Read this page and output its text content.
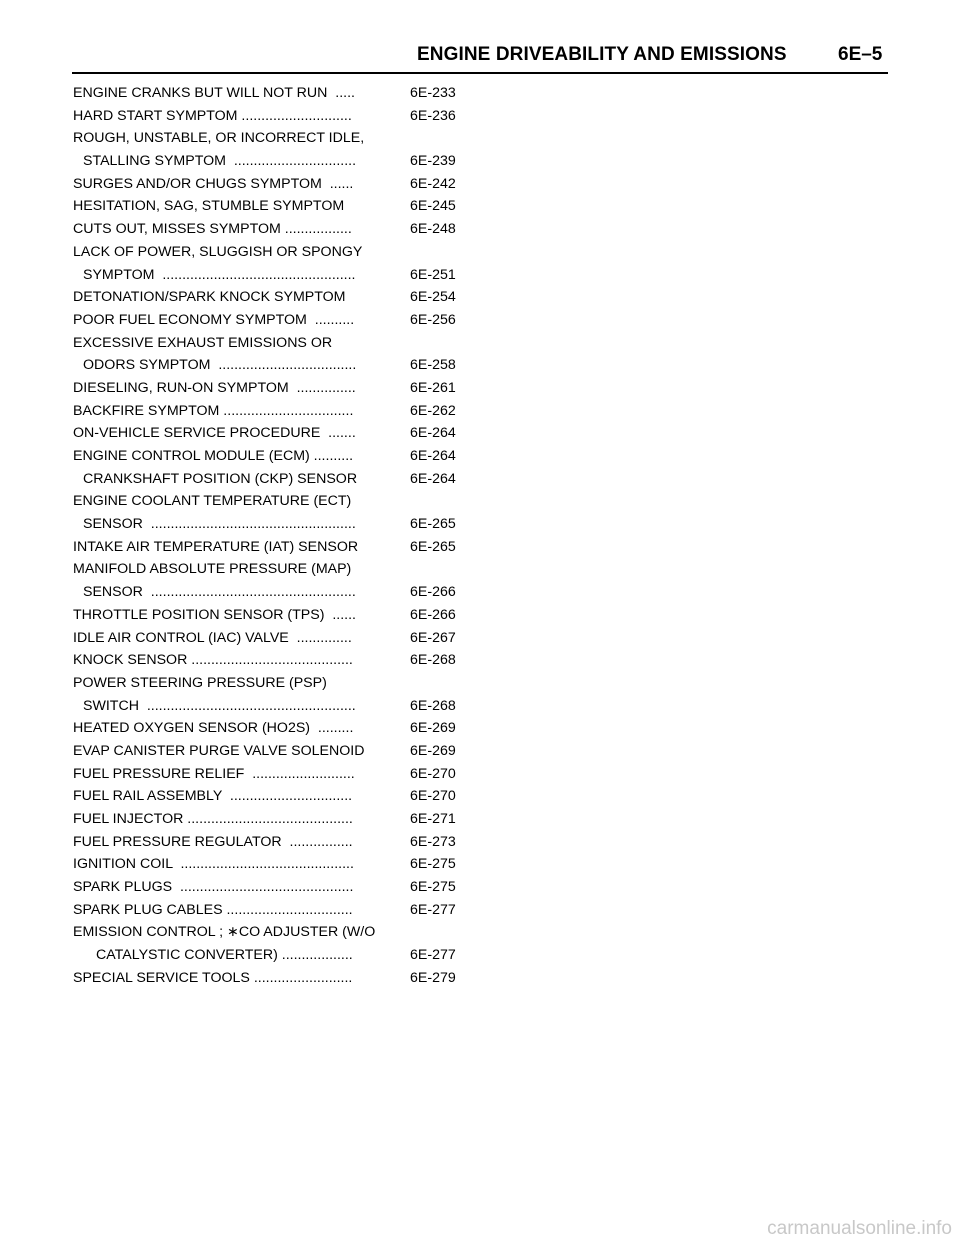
ENGINE DRIVEABILITY AND EMISSIONS	6E–5
ENGINE CRANKS BUT WILL NOT RUN  .....	6E-233
HARD START SYMPTOM ............................	6E-236
ROUGH, UNSTABLE, OR INCORRECT IDLE,
STALLING SYMPTOM  ...............................	6E-239
SURGES AND/OR CHUGS SYMPTOM  ......	6E-242
HESITATION, SAG, STUMBLE SYMPTOM	6E-245
CUTS OUT, MISSES SYMPTOM .................	6E-248
LACK OF POWER, SLUGGISH OR SPONGY
SYMPTOM  .................................................	6E-251
DETONATION/SPARK KNOCK SYMPTOM	6E-254
POOR FUEL ECONOMY SYMPTOM  ..........	6E-256
EXCESSIVE EXHAUST EMISSIONS OR
ODORS SYMPTOM  ...................................	6E-258
DIESELING, RUN-ON SYMPTOM  ...............	6E-261
BACKFIRE SYMPTOM .................................	6E-262
ON-VEHICLE SERVICE PROCEDURE  .......	6E-264
ENGINE CONTROL MODULE (ECM) ..........	6E-264
CRANKSHAFT POSITION (CKP) SENSOR	6E-264
ENGINE COOLANT TEMPERATURE (ECT)
SENSOR  ....................................................	6E-265
INTAKE AIR TEMPERATURE (IAT) SENSOR	6E-265
MANIFOLD ABSOLUTE PRESSURE (MAP)
SENSOR  ....................................................	6E-266
THROTTLE POSITION SENSOR (TPS)  ......	6E-266
IDLE AIR CONTROL (IAC) VALVE  ..............	6E-267
KNOCK SENSOR .........................................	6E-268
POWER STEERING PRESSURE (PSP)
SWITCH  .....................................................	6E-268
HEATED OXYGEN SENSOR (HO2S)  .........	6E-269
EVAP CANISTER PURGE VALVE SOLENOID	6E-269
FUEL PRESSURE RELIEF  ..........................	6E-270
FUEL RAIL ASSEMBLY  ...............................	6E-270
FUEL INJECTOR ..........................................	6E-271
FUEL PRESSURE REGULATOR  ................	6E-273
IGNITION COIL  ............................................	6E-275
SPARK PLUGS  ............................................	6E-275
SPARK PLUG CABLES ................................	6E-277
EMISSION CONTROL ; ∗CO ADJUSTER (W/O
CATALYSTIC CONVERTER) ..................	6E-277
SPECIAL SERVICE TOOLS .........................	6E-279
carmanualsonline.info
